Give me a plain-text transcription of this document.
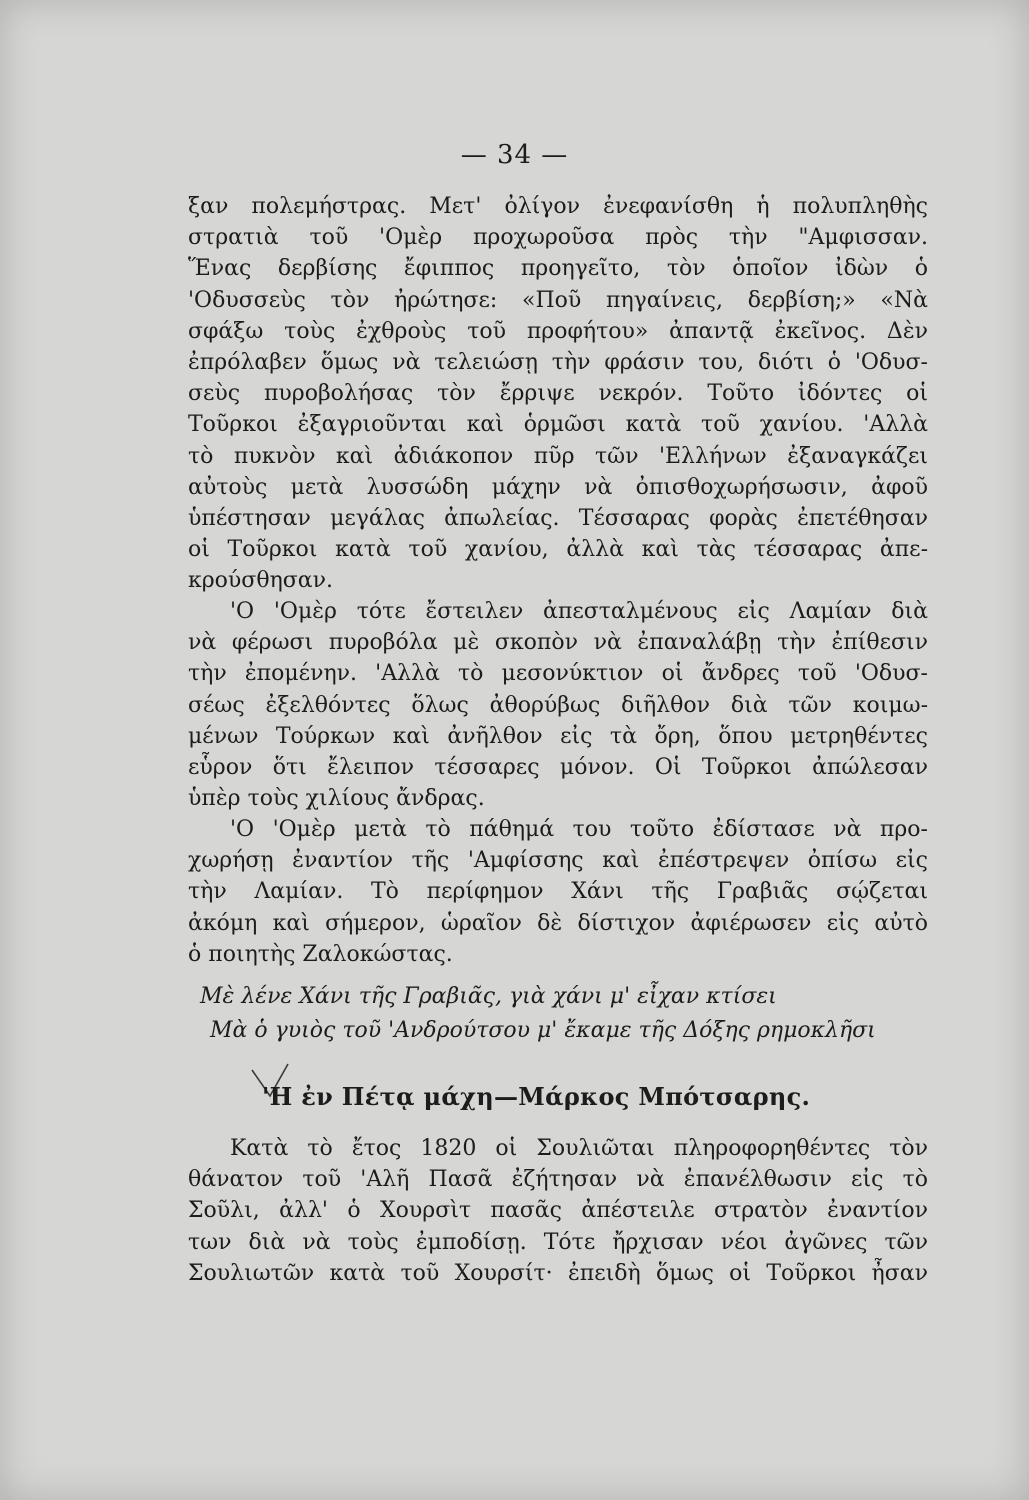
— 34 —
ξαν πολεμήστρας. Μετ' ὀλίγον ἐνεφανίσθη ἡ πολυπληθὴς
στρατιὰ τοῦ 'Ομὲρ προχωροῦσα πρὸς τὴν "Αμφισσαν.
Ἕνας δερβίσης ἔφιππος προηγεῖτο, τὸν ὁποῖον ἰδὼν ὁ
'Οδυσσεὺς τὸν ἠρώτησε: «Ποῦ πηγαίνεις, δερβίση;» «Νὰ
σφάξω τοὺς ἐχθροὺς τοῦ προφήτου» ἀπαντᾷ ἐκεῖνος. Δὲν
ἐπρόλαβεν ὅμως νὰ τελειώσῃ τὴν φράσιν του, διότι ὁ 'Οδυσ-
σεὺς πυροβολήσας τὸν ἔρριψε νεκρόν. Τοῦτο ἰδόντες οἱ
Τοῦρκοι ἐξαγριοῦνται καὶ ὁρμῶσι κατὰ τοῦ χανίου. 'Αλλὰ
τὸ πυκνὸν καὶ ἀδιάκοπον πῦρ τῶν 'Ελλήνων ἐξαναγκάζει
αὐτοὺς μετὰ λυσσώδη μάχην νὰ ὀπισθοχωρήσωσιν, ἀφοῦ
ὑπέστησαν μεγάλας ἀπωλείας. Τέσσαρας φορὰς ἐπετέθησαν
οἱ Τοῦρκοι κατὰ τοῦ χανίου, ἀλλὰ καὶ τὰς τέσσαρας ἀπε-
κρούσθησαν.
'Ο 'Ομὲρ τότε ἔστειλεν ἀπεσταλμένους εἰς Λαμίαν διὰ
νὰ φέρωσι πυροβόλα μὲ σκοπὸν νὰ ἐπαναλάβῃ τὴν ἐπίθεσιν
τὴν ἐπομένην. 'Αλλὰ τὸ μεσονύκτιον οἱ ἄνδρες τοῦ 'Οδυσ-
σέως ἐξελθόντες ὅλως ἀθορύβως διῆλθον διὰ τῶν κοιμω-
μένων Τούρκων καὶ ἀνῆλθον εἰς τὰ ὄρη, ὅπου μετρηθέντες
εὗρον ὅτι ἔλειπον τέσσαρες μόνον. Οἱ Τοῦρκοι ἀπώλεσαν
ὑπὲρ τοὺς χιλίους ἄνδρας.
'Ο 'Ομὲρ μετὰ τὸ πάθημά του τοῦτο ἐδίστασε νὰ προ-
χωρήσῃ ἐναντίον τῆς 'Αμφίσσης καὶ ἐπέστρεψεν ὀπίσω εἰς
τὴν Λαμίαν. Τὸ περίφημον Χάνι τῆς Γραβιᾶς σῴζεται
ἀκόμη καὶ σήμερον, ὡραῖον δὲ δίστιχον ἀφιέρωσεν εἰς αὐτὸ
ὁ ποιητὴς Ζαλοκώστας.
Μὲ λένε Χάνι τῆς Γραβιᾶς, γιὰ χάνι μ' εἶχαν κτίσει
Μὰ ὁ γυιὸς τοῦ 'Ανδρούτσου μ' ἔκαμε τῆς Δόξης ρημοκλῆσι
'Η ἐν Πέτᾳ μάχη—Μάρκος Μπότσαρης.
Κατὰ τὸ ἔτος 1820 οἱ Σουλιῶται πληροφορηθέντες τὸν
θάνατον τοῦ 'Αλῆ Πασᾶ ἐζήτησαν νὰ ἐπανέλθωσιν εἰς τὸ
Σοῦλι, ἀλλ' ὁ Χουρσὶτ πασᾶς ἀπέστειλε στρατὸν ἐναντίον
των διὰ νὰ τοὺς ἐμποδίσῃ. Τότε ἤρχισαν νέοι ἀγῶνες τῶν
Σουλιωτῶν κατὰ τοῦ Χουρσίτ· ἐπειδὴ ὅμως οἱ Τοῦρκοι ἦσαν
